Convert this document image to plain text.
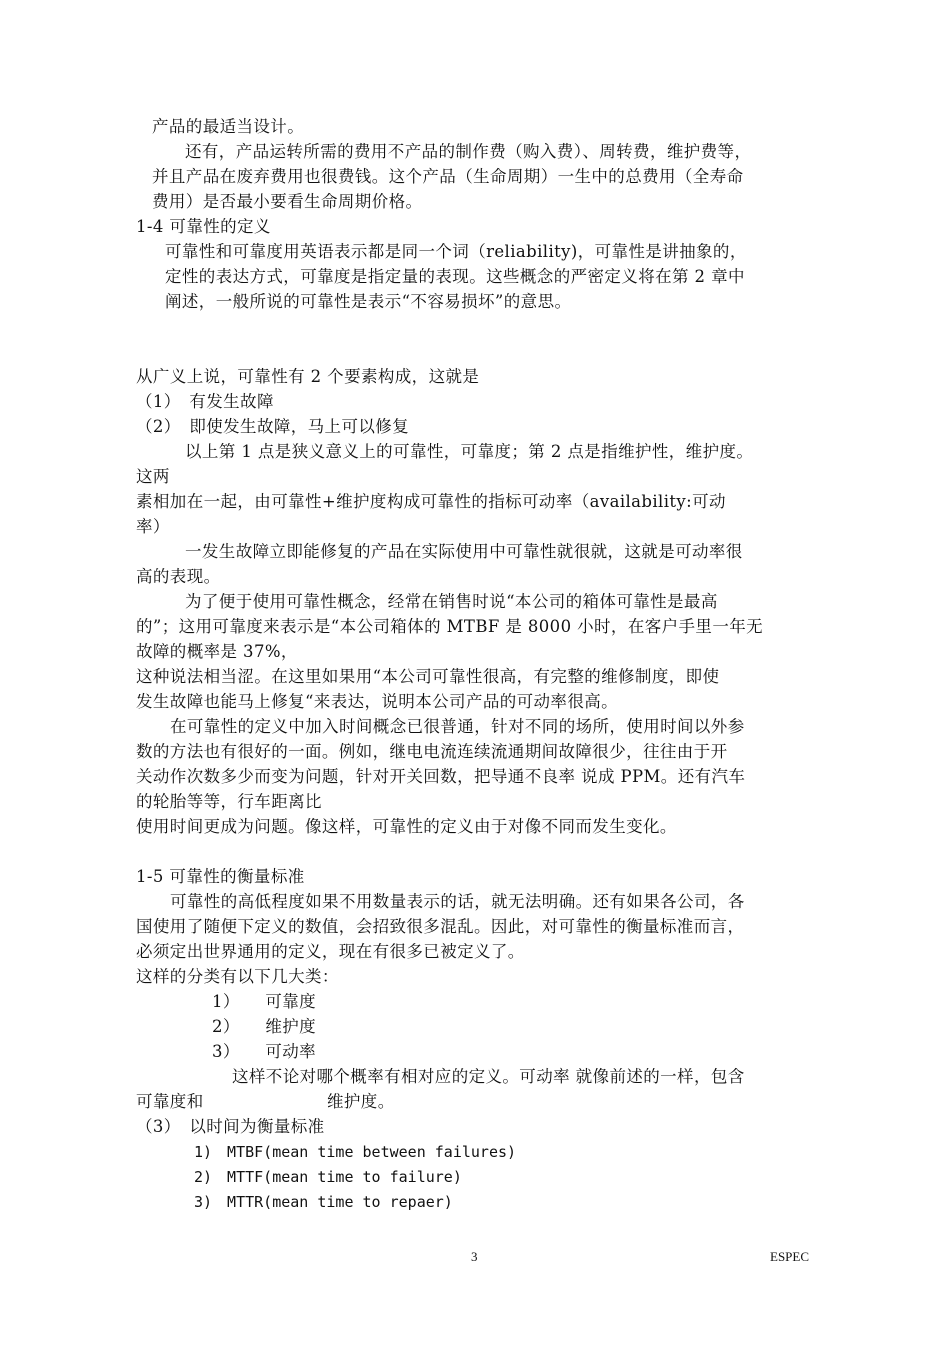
产品的最适当设计。
还有，产品运转所需的费用不产品的制作费（购入费）、周转费，维护费等，
并且产品在废弃费用也很费钱。这个产品（生命周期）一生中的总费用（全寿命
费用）是否最小要看生命周期价格。
1-4 可靠性的定义
可靠性和可靠度用英语表示都是同一个词（reliability)，可靠性是讲抽象的，
定性的表达方式，可靠度是指定量的表现。这些概念的严密定义将在第 2 章中
阐述，一般所说的可靠性是表示“不容易损坏”的意思。
从广义上说，可靠性有 2 个要素构成，这就是
（1）　有发生故障
（2）　即使发生故障，马上可以修复
以上第 1 点是狭义意义上的可靠性，可靠度；第 2 点是指维护性，维护度。
这两
素相加在一起，由可靠性+维护度构成可靠性的指标可动率（availability:可动
率）
一发生故障立即能修复的产品在实际使用中可靠性就很就，这就是可动率很
高的表现。
为了便于使用可靠性概念，经常在销售时说“本公司的箱体可靠性是最高
的”；这用可靠度来表示是“本公司箱体的 MTBF 是 8000 小时，在客户手里一年无
故障的概率是 37%，
这种说法相当涩。在这里如果用“本公司可靠性很高，有完整的维修制度，即使
发生故障也能马上修复“来表达，说明本公司产品的可动率很高。
在可靠性的定义中加入时间概念已很普通，针对不同的场所，使用时间以外参
数的方法也有很好的一面。例如，继电电流连续流通期间故障很少，往往由于开
关动作次数多少而变为问题，针对开关回数，把导通不良率 说成 PPM。还有汽车
的轮胎等等，行车距离比
使用时间更成为问题。像这样，可靠性的定义由于对像不同而发生变化。
1-5 可靠性的衡量标准
可靠性的高低程度如果不用数量表示的话，就无法明确。还有如果各公司，各
国使用了随便下定义的数值，会招致很多混乱。因此，对可靠性的衡量标准而言，
必须定出世界通用的定义，现在有很多已被定义了。
这样的分类有以下几大类：
1）　　可靠度
2）　　维护度
3）　　可动率
这样不论对哪个概率有相对应的定义。可动率 就像前述的一样，包含
可靠度和	维护度。
（3）　以时间为衡量标准
1)　MTBF(mean time between failures)
2)　MTTF(mean time to failure)
3)　MTTR(mean time to repaer)
3	ESPEC
